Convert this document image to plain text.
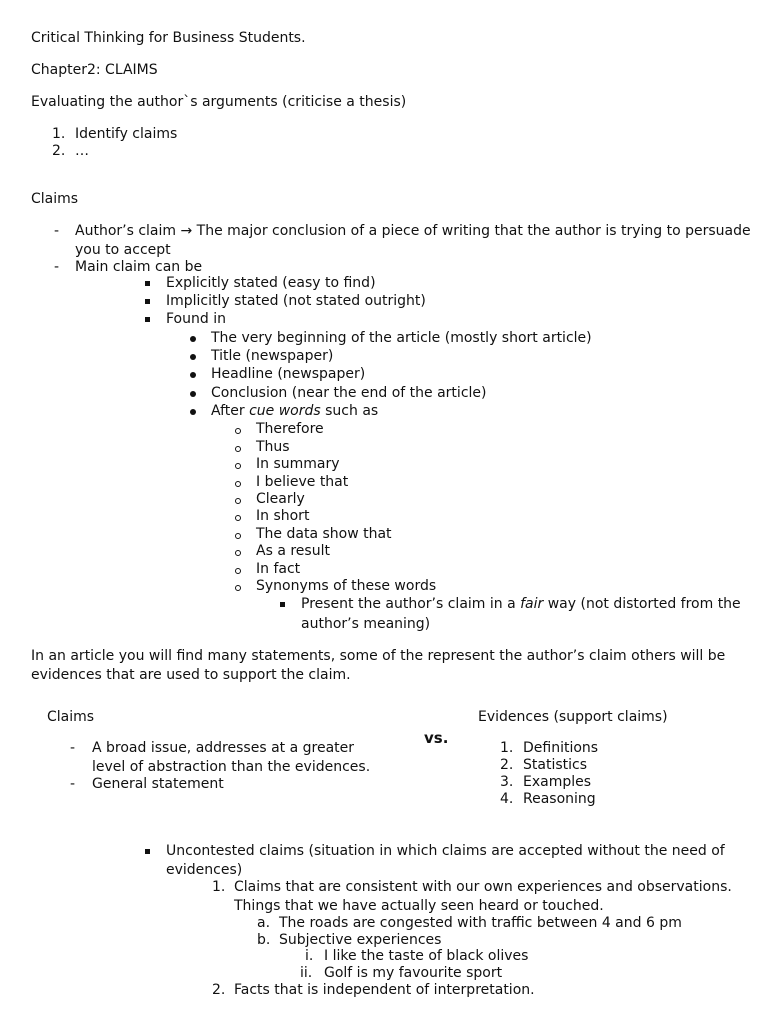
Critical Thinking for Business Students.
Chapter2: CLAIMS
Evaluating the author`s arguments (criticise a thesis)
1. Identify claims
2. …
Claims
- Author’s claim → The major conclusion of a piece of writing that the author is trying to persuade
you to accept
- Main claim can be
Explicitly stated (easy to find)
Implicitly stated (not stated outright)
Found in
The very beginning of the article (mostly short article)
Title (newspaper)
Headline (newspaper)
Conclusion (near the end of the article)
After cue words such as
Therefore
Thus
In summary
I believe that
Clearly
In short
The data show that
As a result
In fact
Synonyms of these words
Present the author’s claim in a fair way (not distorted from the
author’s meaning)
In an article you will find many statements, some of the represent the author’s claim others will be
evidences that are used to support the claim.
Claims
vs.
Evidences (support claims)
- A broad issue, addresses at a greater
level of abstraction than the evidences.
- General statement
1. Definitions
2. Statistics
3. Examples
4. Reasoning
Uncontested claims (situation in which claims are accepted without the need of
evidences)
1. Claims that are consistent with our own experiences and observations.
Things that we have actually seen heard or touched.
a. The roads are congested with traffic between 4 and 6 pm
b. Subjective experiences
i. I like the taste of black olives
ii. Golf is my favourite sport
2. Facts that is independent of interpretation.
